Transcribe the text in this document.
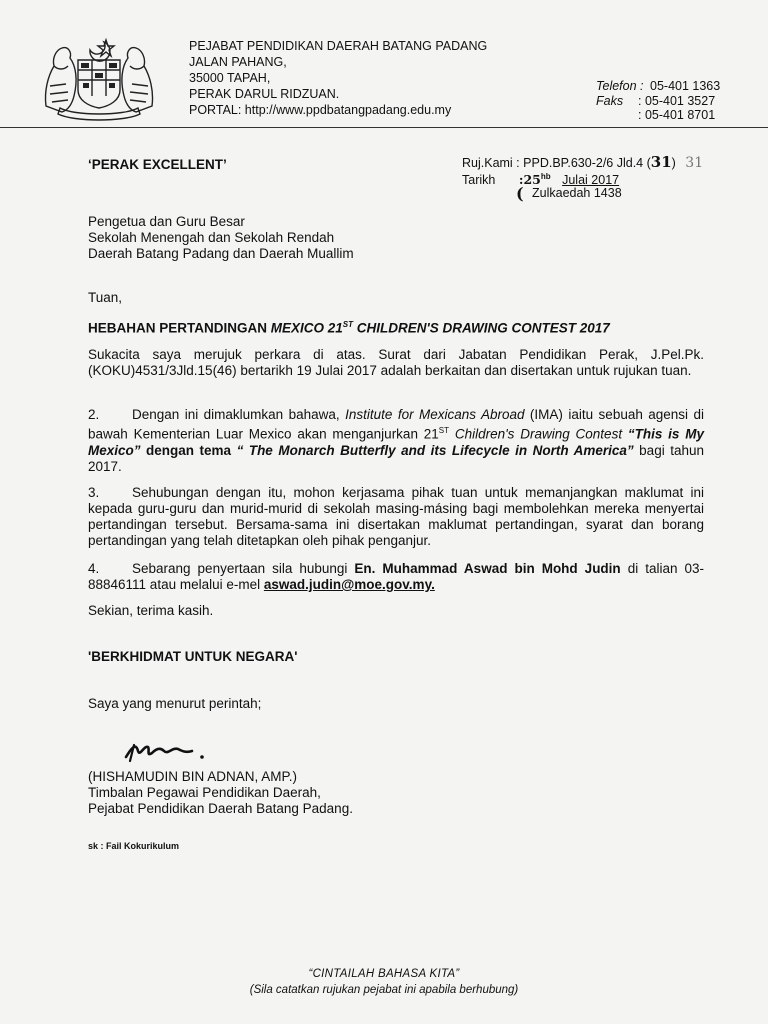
PEJABAT PENDIDIKAN DAERAH BATANG PADANG
JALAN PAHANG,
35000 TAPAH,
PERAK DARUL RIDZUAN.
PORTAL: http://www.ppdbatangpadang.edu.my
Telefon : 05-401 1363
Faks : 05-401 3527
: 05-401 8701
‘PERAK EXCELLENT’	Ruj.Kami : PPD.BP.630-2/6 Jld.4 (31) 31
Tarikh $:25^{hb}$ Julai 2017
( Zulkaedah 1438
Pengetua dan Guru Besar
Sekolah Menengah dan Sekolah Rendah
Daerah Batang Padang dan Daerah Muallim
Tuan,
HEBAHAN PERTANDINGAN MEXICO 21ST CHILDREN'S DRAWING CONTEST 2017
Sukacita saya merujuk perkara di atas. Surat dari Jabatan Pendidikan Perak, J.Pel.Pk.(KOKU)4531/3Jld.15(46) bertarikh 19 Julai 2017 adalah berkaitan dan disertakan untuk rujukan tuan.
2. Dengan ini dimaklumkan bahawa, Institute for Mexicans Abroad (IMA) iaitu sebuah agensi di bawah Kementerian Luar Mexico akan menganjurkan 21ST Children's Drawing Contest “This is My Mexico” dengan tema “ The Monarch Butterfly and its Lifecycle in North America” bagi tahun 2017.
3. Sehubungan dengan itu, mohon kerjasama pihak tuan untuk memanjangkan maklumat ini kepada guru-guru dan murid-murid di sekolah masing-másing bagi membolehkan mereka menyertai pertandingan tersebut. Bersama-sama ini disertakan maklumat pertandingan, syarat dan borang pertandingan yang telah ditetapkan oleh pihak penganjur.
4. Sebarang penyertaan sila hubungi En. Muhammad Aswad bin Mohd Judin di talian 03-88846111 atau melalui e-mel aswad.judin@moe.gov.my.
Sekian, terima kasih.
'BERKHIDMAT UNTUK NEGARA'
Saya yang menurut perintah;
(HISHAMUDIN BIN ADNAN, AMP.)
Timbalan Pegawai Pendidikan Daerah,
Pejabat Pendidikan Daerah Batang Padang.
sk : Fail Kokurikulum
“CINTAILAH BAHASA KITA”
(Sila catatkan rujukan pejabat ini apabila berhubung)
